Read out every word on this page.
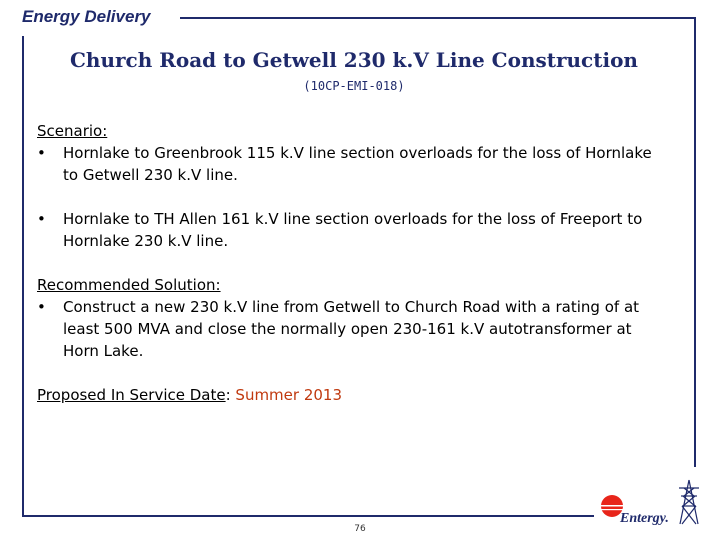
Energy Delivery
Church Road to Getwell 230 k.V Line Construction
(10CP-EMI-018)
Scenario:
•	Hornlake to Greenbrook 115 k.V line section overloads for the loss of Hornlake to Getwell 230 k.V line.
•	Hornlake to TH Allen 161 k.V line section overloads for the loss of Freeport to Hornlake 230 k.V line.
Recommended Solution:
•	Construct a new 230 k.V line from Getwell to Church Road with a rating of at least 500 MVA and close the normally open 230-161 k.V autotransformer at Horn Lake.
Proposed In Service Date: Summer 2013
76
Entergy.
